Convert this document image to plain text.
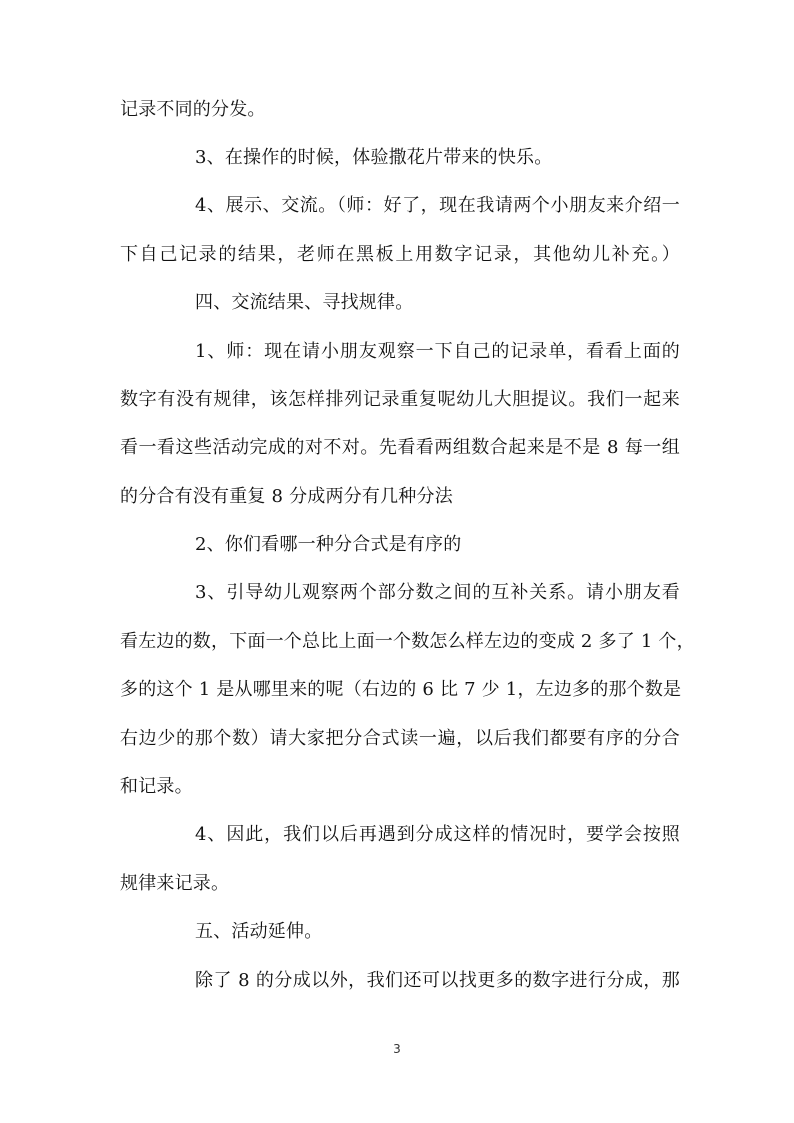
记录不同的分发。
3、在操作的时候，体验撒花片带来的快乐。
4、展示、交流。（师：好了，现在我请两个小朋友来介绍一
下自己记录的结果，老师在黑板上用数字记录，其他幼儿补充。）
四、交流结果、寻找规律。
1、师：现在请小朋友观察一下自己的记录单，看看上面的
数字有没有规律，该怎样排列记录重复呢幼儿大胆提议。我们一起来
看一看这些活动完成的对不对。先看看两组数合起来是不是 8 每一组
的分合有没有重复 8 分成两分有几种分法
2、你们看哪一种分合式是有序的
3、引导幼儿观察两个部分数之间的互补关系。请小朋友看
看左边的数，下面一个总比上面一个数怎么样左边的变成 2 多了 1 个，
多的这个 1 是从哪里来的呢（右边的 6 比 7 少 1，左边多的那个数是
右边少的那个数）请大家把分合式读一遍，以后我们都要有序的分合
和记录。
4、因此，我们以后再遇到分成这样的情况时，要学会按照
规律来记录。
五、活动延伸。
除了 8 的分成以外，我们还可以找更多的数字进行分成，那
3
